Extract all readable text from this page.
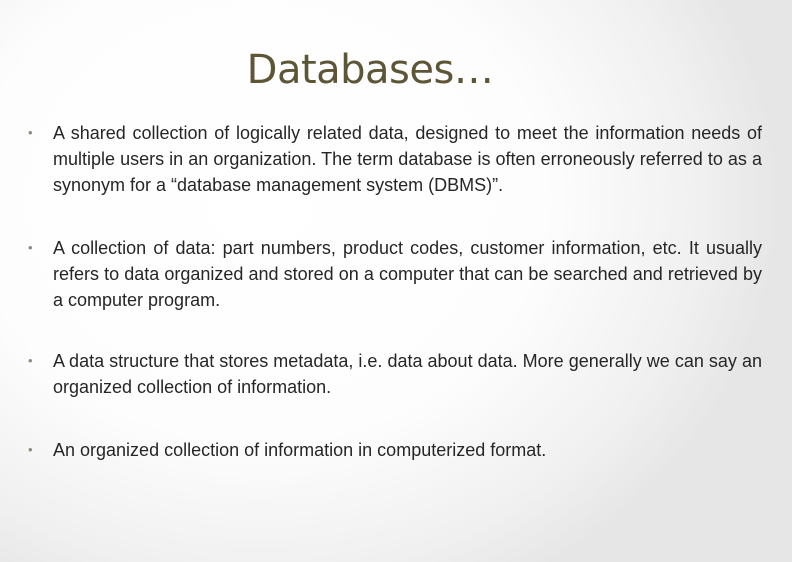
Databases…
• A shared collection of logically related data, designed to meet the information needs of multiple users in an organization. The term database is often erroneously referred to as a synonym for a “database management system (DBMS)”.
• A collection of data: part numbers, product codes, customer information, etc. It usually refers to data organized and stored on a computer that can be searched and retrieved by a computer program.
• A data structure that stores metadata, i.e. data about data. More generally we can say an organized collection of information.
• An organized collection of information in computerized format.
